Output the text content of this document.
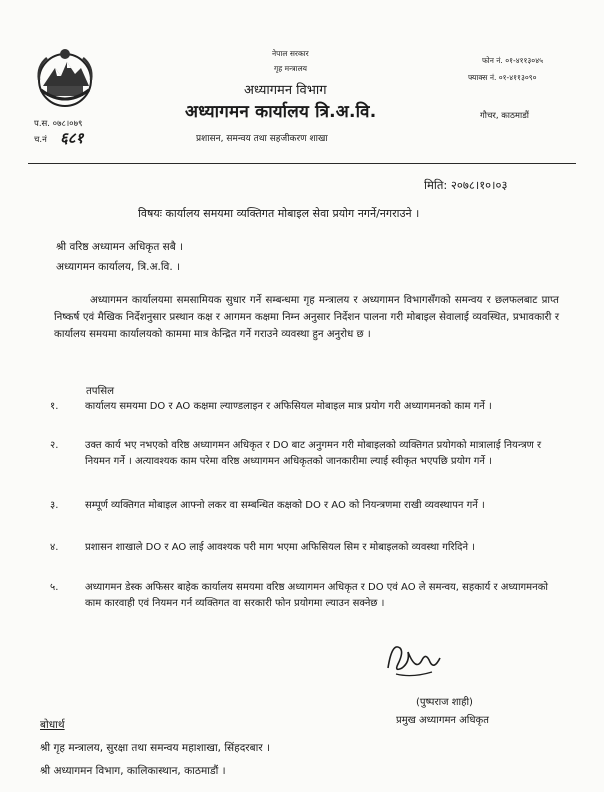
नेपाल सरकार
गृह मन्त्रालय
अध्यागमन विभाग
अध्यागमन कार्यालय त्रि.अ.वि.
प्रशासन, समन्वय तथा सहजीकरण शाखा
फोन नं. ०१-४११३०४५
फ्याक्स नं. ०१-४११३०९०
गौचर, काठमाडौं
प.स. ०७८।०७९
च.नं ६८१
मिति: २०७८।१०।०३
विषयः कार्यालय समयमा व्यक्तिगत मोबाइल सेवा प्रयोग नगर्ने/नगराउने ।
श्री वरिष्ठ अध्यामन अधिकृत सबै ।
अध्यागमन कार्यालय, त्रि.अ.वि. ।
अध्यागमन कार्यालयमा समसामियक सुधार गर्ने सम्बन्धमा गृह मन्त्रालय र अध्यगामन विभागसँगको समन्वय र छलफलबाट प्राप्त निष्कर्ष एवं मैखिक निर्देशनुसार प्रस्थान कक्ष र आगमन कक्षमा निम्न अनुसार निर्देशन पालना गरी मोबाइल सेवालाई व्यवस्थित, प्रभावकारी र कार्यालय समयमा कार्यालयको काममा मात्र केन्द्रित गर्ने गराउने व्यवस्था हुन अनुरोध छ ।
तपसिल
१.	कार्यालय समयमा DO र AO कक्षमा ल्याण्डलाइन र अफिसियल मोबाइल मात्र प्रयोग गरी अध्यागमनको काम गर्ने ।
२.	उक्त कार्य भए नभएको वरिष्ठ अध्यागमन अधिकृत र DO बाट अनुगमन गरी मोबाइलको व्यक्तिगत प्रयोगको मात्रालाई नियन्त्रण र नियमन गर्ने । अत्यावश्यक काम परेमा वरिष्ठ अध्यागमन अधिकृतको जानकारीमा ल्याई स्वीकृत भएपछि प्रयोग गर्ने ।
३.	सम्पूर्ण व्यक्तिगत मोबाइल आफ्नो लकर वा सम्बन्धित कक्षको DO र AO को नियन्त्रणमा राखी व्यवस्थापन गर्ने ।
४.	प्रशासन शाखाले DO र AO लाई आवश्यक परी माग भएमा अफिसियल सिम र मोबाइलको व्यवस्था गरिदिने ।
५.	अध्यागमन डेस्क अफिसर बाहेक कार्यालय समयमा वरिष्ठ अध्यागमन अधिकृत र DO एवं AO ले समन्वय, सहकार्य र अध्यागमनको काम कारवाही एवं नियमन गर्न व्यक्तिगत वा सरकारी फोन प्रयोगमा ल्याउन सक्नेछ ।
(पुष्पराज शाही)
प्रमुख अध्यागमन अधिकृत
बोधार्थ
श्री गृह मन्त्रालय, सुरक्षा तथा समन्वय महाशाखा, सिंहदरबार ।
श्री अध्यागमन विभाग, कालिकास्थान, काठमाडौं ।
